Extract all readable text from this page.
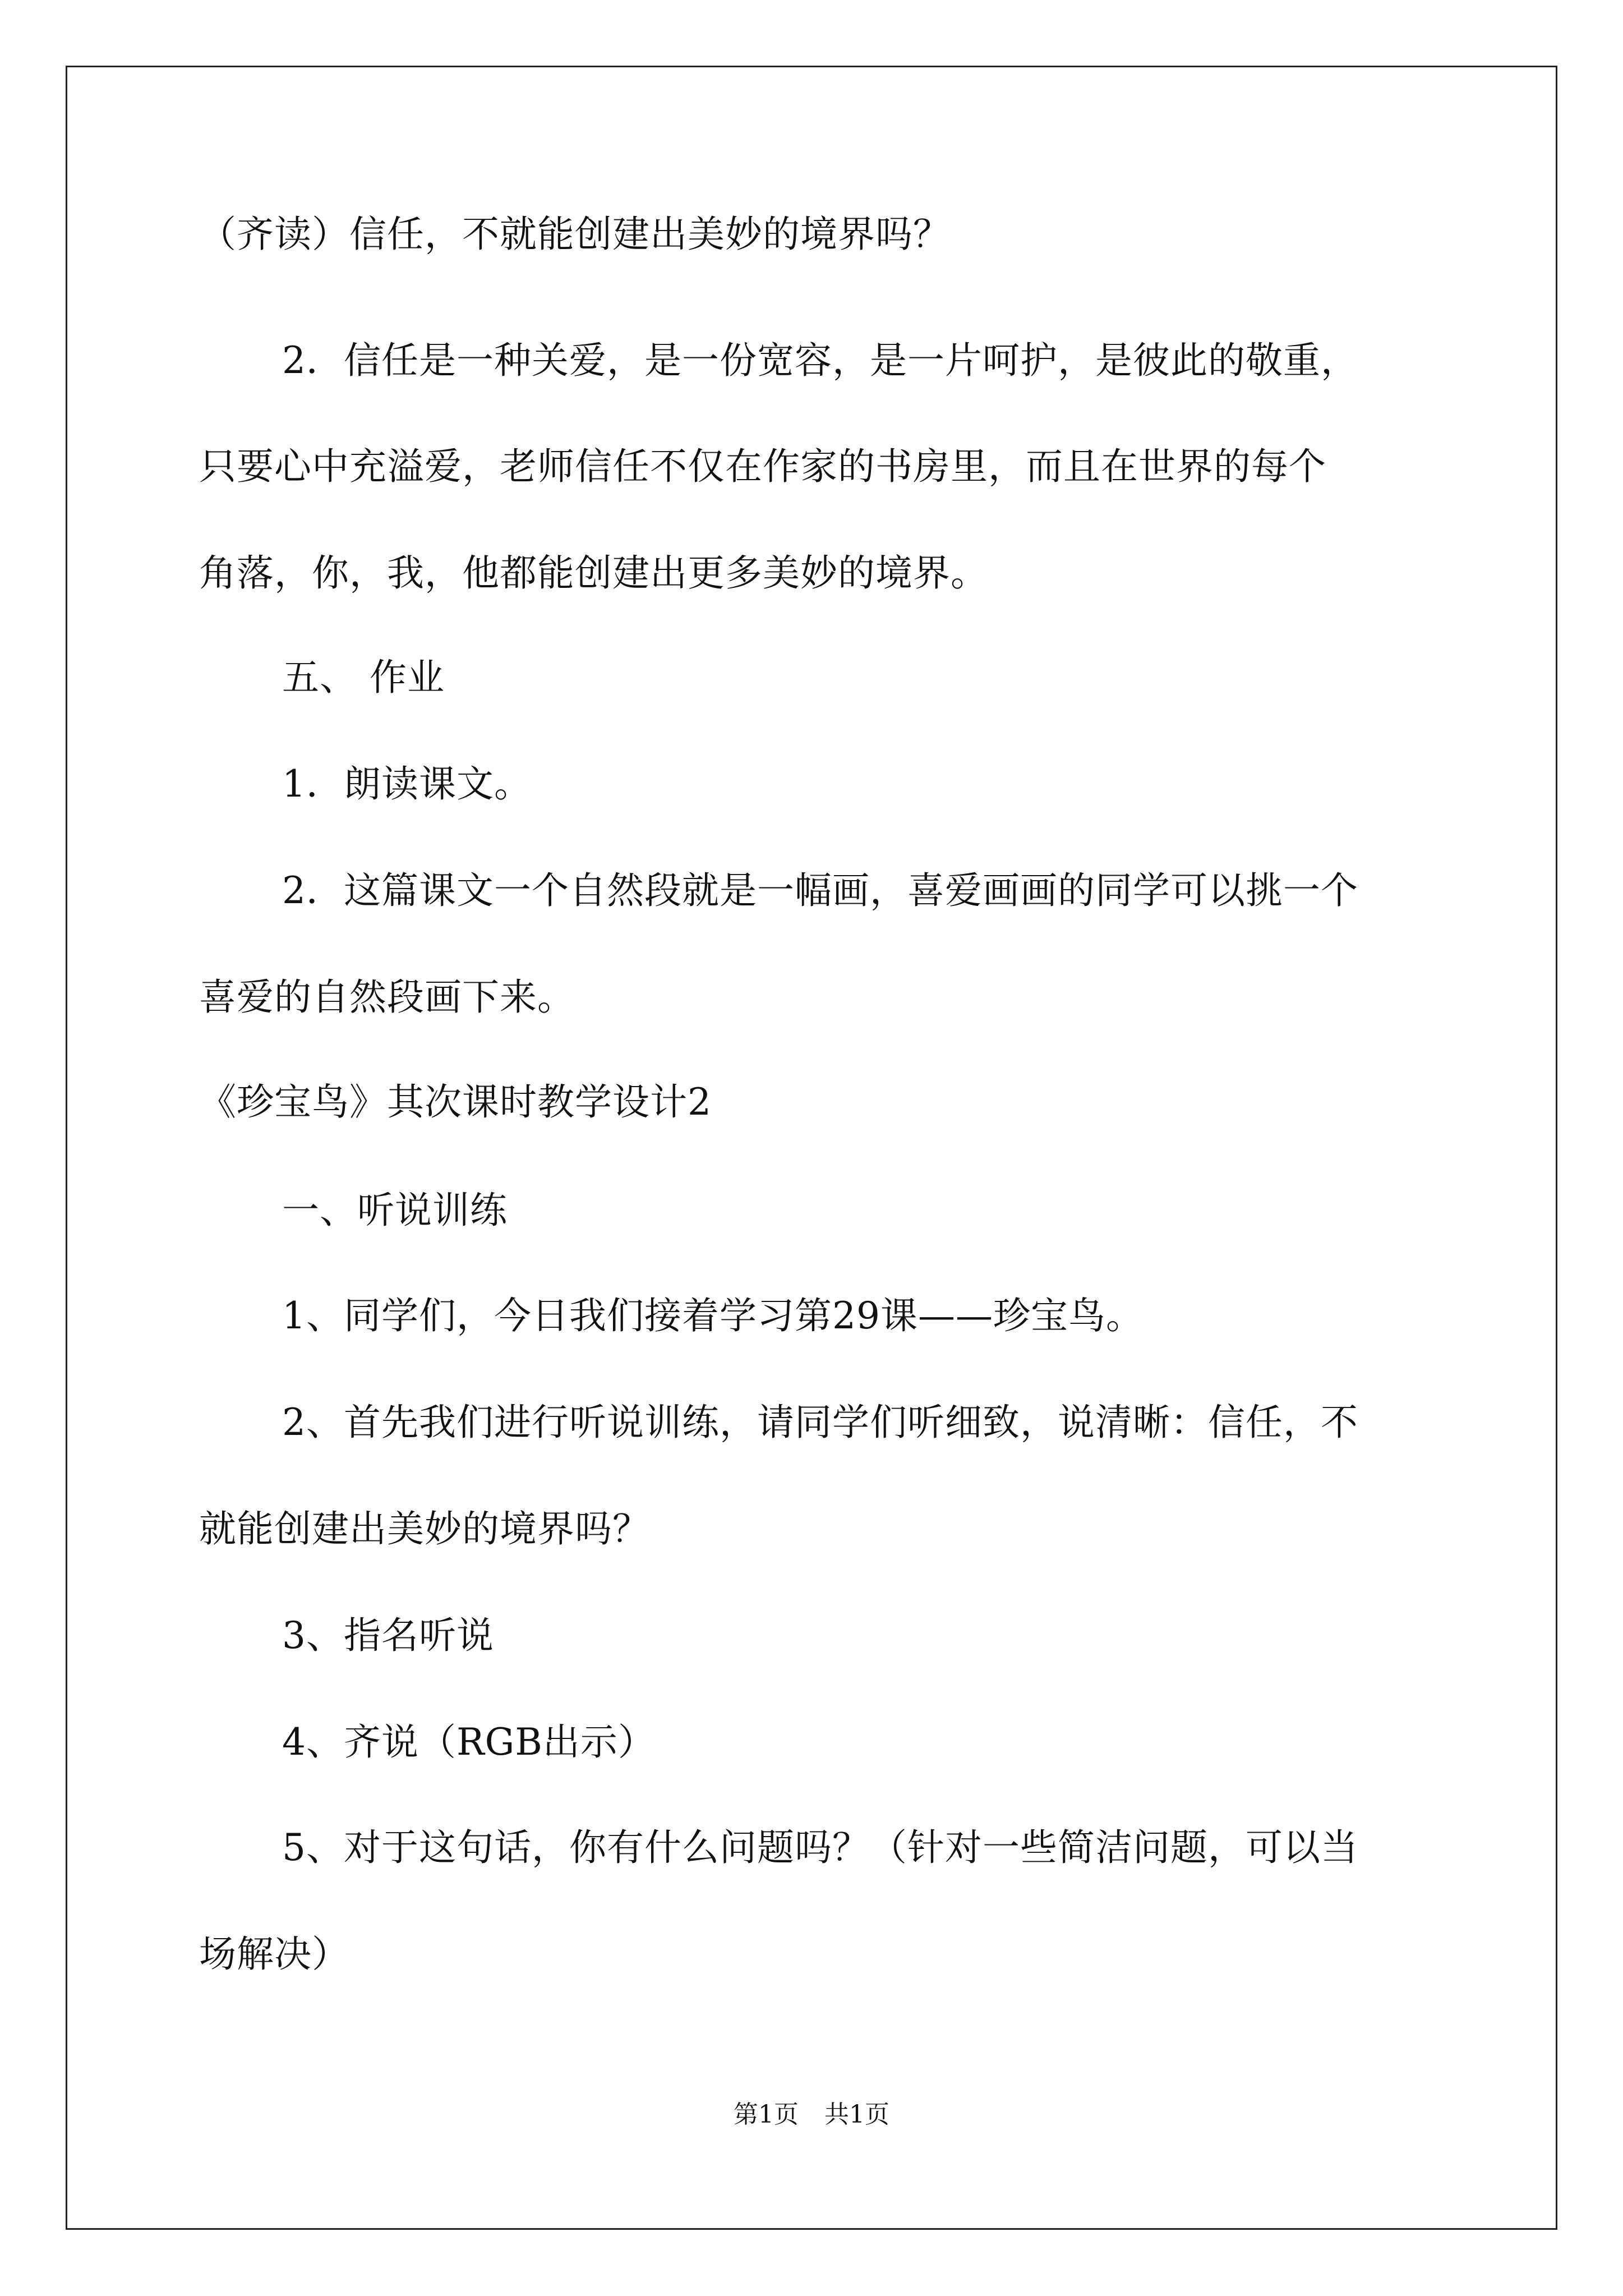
（齐读）信任，不就能创建出美妙的境界吗？
2．信任是一种关爱，是一份宽容，是一片呵护，是彼此的敬重，
只要心中充溢爱，老师信任不仅在作家的书房里，而且在世界的每个
角落，你，我，他都能创建出更多美妙的境界。
五、 作业
1．朗读课文。
2．这篇课文一个自然段就是一幅画，喜爱画画的同学可以挑一个
喜爱的自然段画下来。
《珍宝鸟》其次课时教学设计2
一、听说训练
1、同学们，今日我们接着学习第29课——珍宝鸟。
2、首先我们进行听说训练，请同学们听细致，说清晰：信任，不
就能创建出美妙的境界吗？
3、指名听说
4、齐说（RGB出示）
5、对于这句话，你有什么问题吗？（针对一些简洁问题，可以当
场解决）
第1页 共1页
